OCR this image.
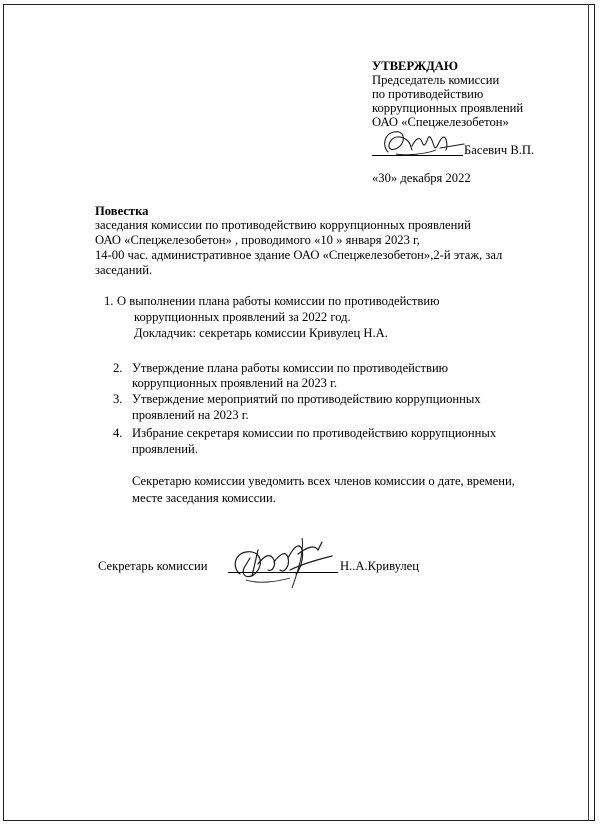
УТВЕРЖДАЮ
Председатель комиссии
по противодействию
коррупционных проявлений
ОАО «Спецжелезобетон»
Басевич В.П.
«30» декабря 2022
Повестка
заседания комиссии по противодействию коррупционных проявлений
ОАО «Спецжелезобетон» , проводимого «10 » января 2023 г,
14-00 час. административное здание ОАО «Спецжелезобетон»,2-й этаж, зал
заседаний.
1. О выполнении плана работы комиссии по противодействию
коррупционных проявлений за 2022 год.
Докладчик: секретарь комиссии Кривулец Н.А.
2. Утверждение плана работы комиссии по противодействию
коррупционных проявлений на 2023 г.
3. Утверждение мероприятий по противодействию коррупционных
проявлений на 2023 г.
4. Избрание секретаря комиссии по противодействию коррупционных
проявлений.
Секретарю комиссии уведомить всех членов комиссии о дате, времени,
месте заседания комиссии.
Секретарь комиссии	Н..А.Кривулец
